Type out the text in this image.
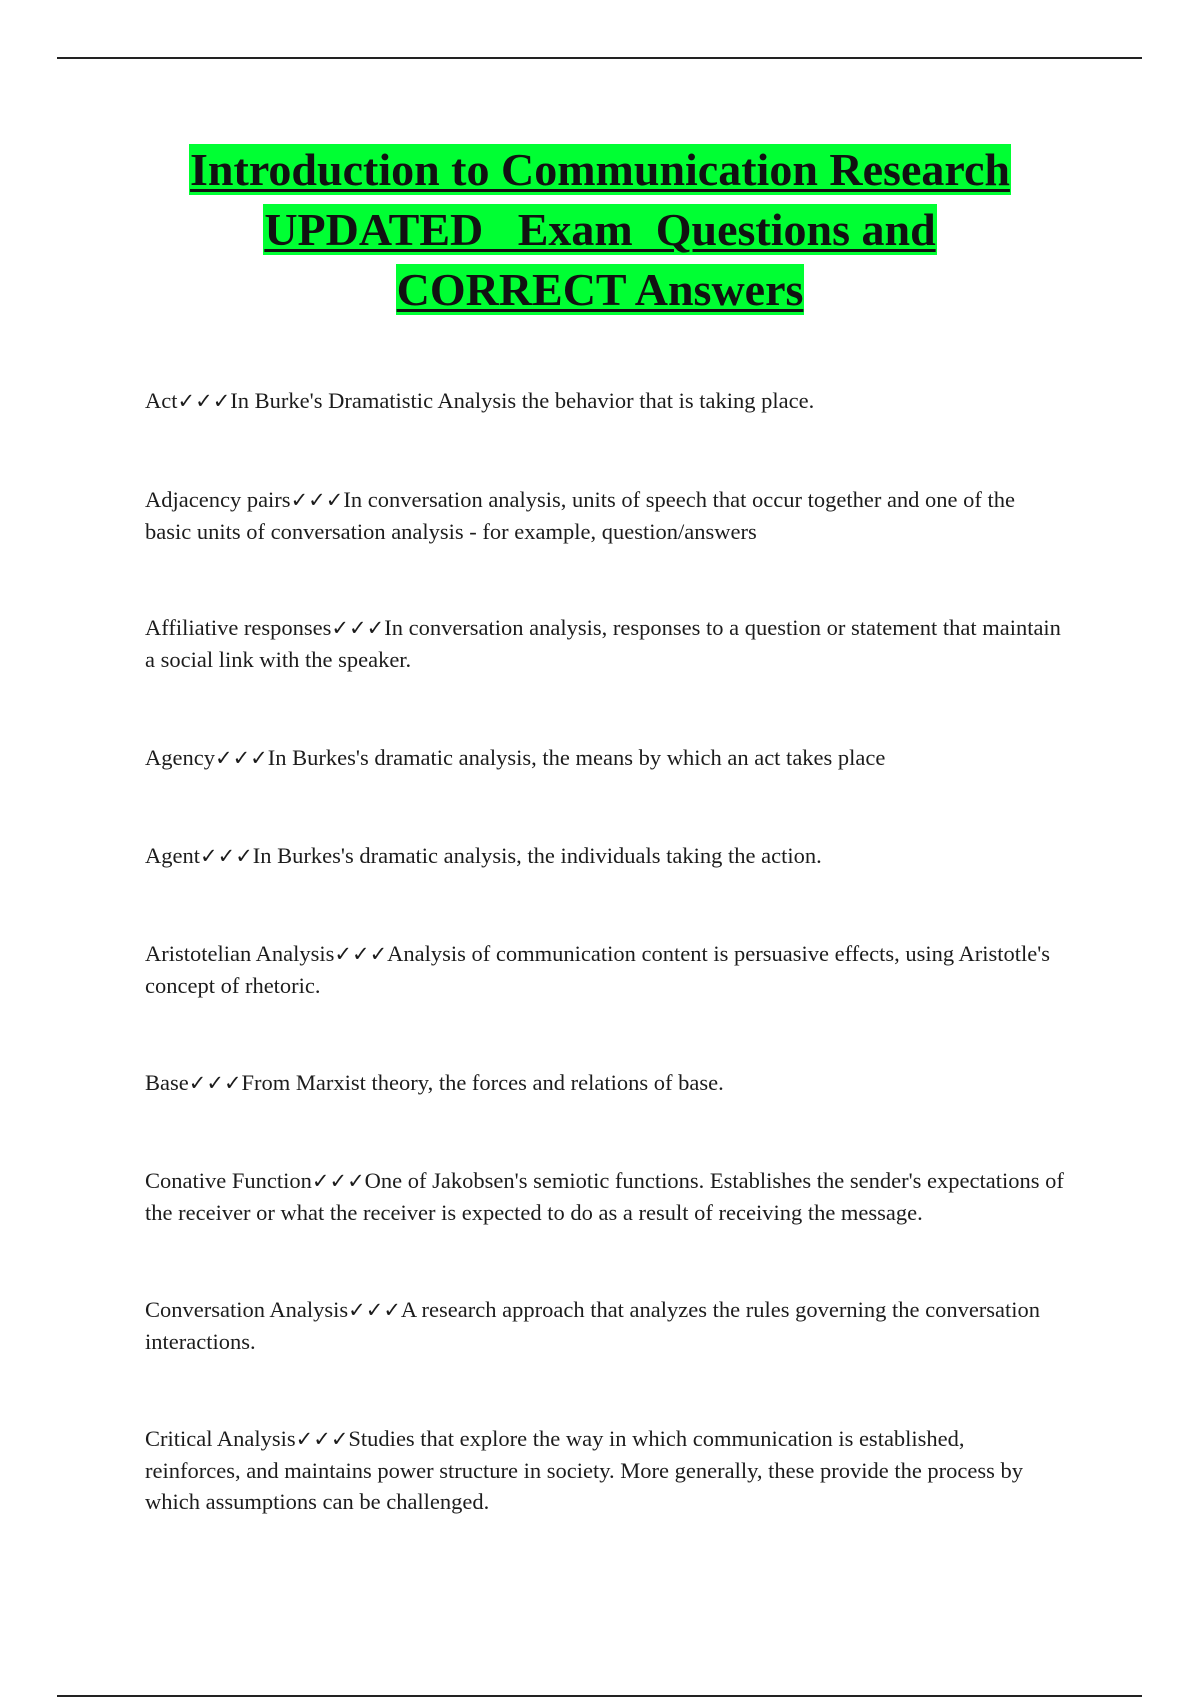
Introduction to Communication Research
UPDATED   Exam  Questions and
CORRECT Answers
Act✓✓✓In Burke's Dramatistic Analysis the behavior that is taking place.
Adjacency pairs✓✓✓In conversation analysis, units of speech that occur together and one of the basic units of conversation analysis - for example, question/answers
Affiliative responses✓✓✓In conversation analysis, responses to a question or statement that maintain a social link with the speaker.
Agency✓✓✓In Burkes's dramatic analysis, the means by which an act takes place
Agent✓✓✓In Burkes's dramatic analysis, the individuals taking the action.
Aristotelian Analysis✓✓✓Analysis of communication content is persuasive effects, using Aristotle's concept of rhetoric.
Base✓✓✓From Marxist theory, the forces and relations of base.
Conative Function✓✓✓One of Jakobsen's semiotic functions. Establishes the sender's expectations of the receiver or what the receiver is expected to do as a result of receiving the message.
Conversation Analysis✓✓✓A research approach that analyzes the rules governing the conversation interactions.
Critical Analysis✓✓✓Studies that explore the way in which communication is established, reinforces, and maintains power structure in society. More generally, these provide the process by which assumptions can be challenged.
